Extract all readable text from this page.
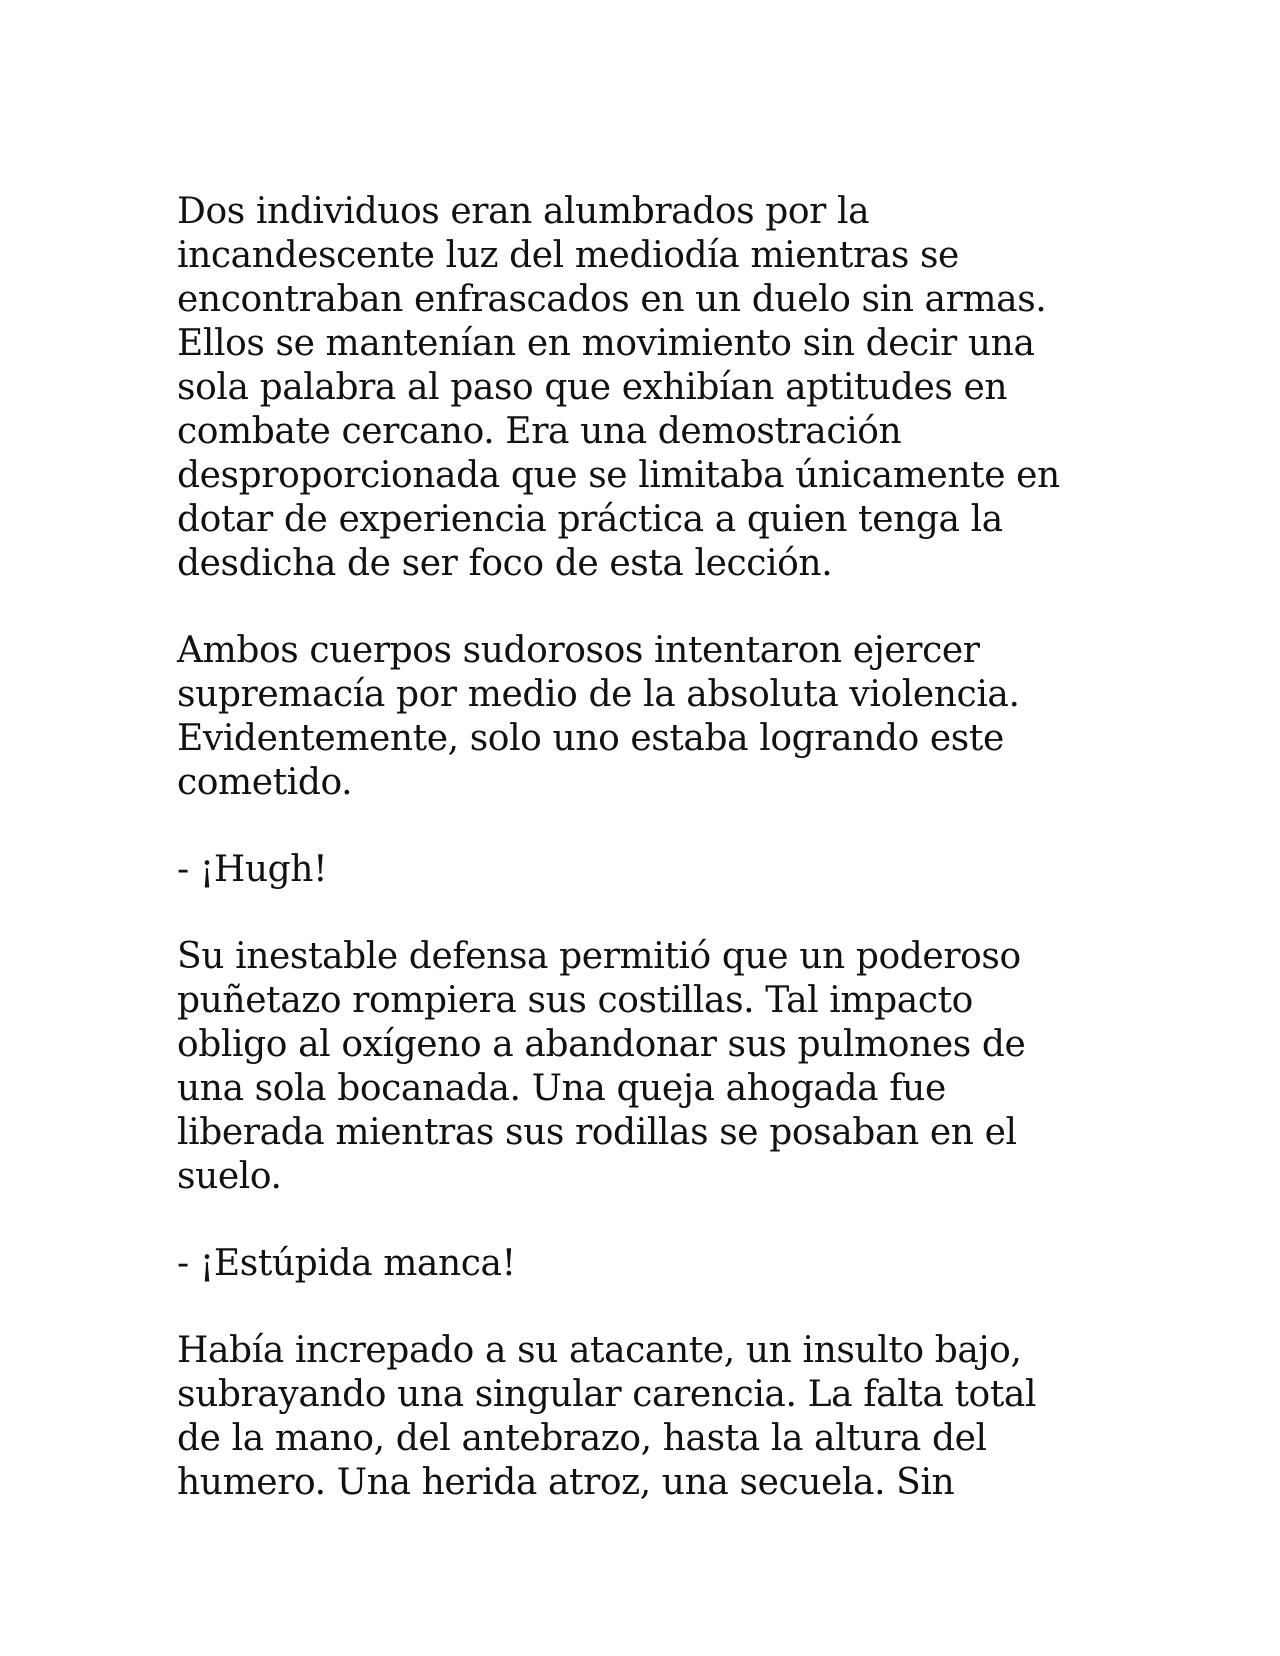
Dos individuos eran alumbrados por la
incandescente luz del mediodía mientras se
encontraban enfrascados en un duelo sin armas.
Ellos se mantenían en movimiento sin decir una
sola palabra al paso que exhibían aptitudes en
combate cercano. Era una demostración
desproporcionada que se limitaba únicamente en
dotar de experiencia práctica a quien tenga la
desdicha de ser foco de esta lección.
Ambos cuerpos sudorosos intentaron ejercer
supremacía por medio de la absoluta violencia.
Evidentemente, solo uno estaba logrando este
cometido.
- ¡Hugh!
Su inestable defensa permitió que un poderoso
puñetazo rompiera sus costillas. Tal impacto
obligo al oxígeno a abandonar sus pulmones de
una sola bocanada. Una queja ahogada fue
liberada mientras sus rodillas se posaban en el
suelo.
- ¡Estúpida manca!
Había increpado a su atacante, un insulto bajo,
subrayando una singular carencia. La falta total
de la mano, del antebrazo, hasta la altura del
humero. Una herida atroz, una secuela. Sin
